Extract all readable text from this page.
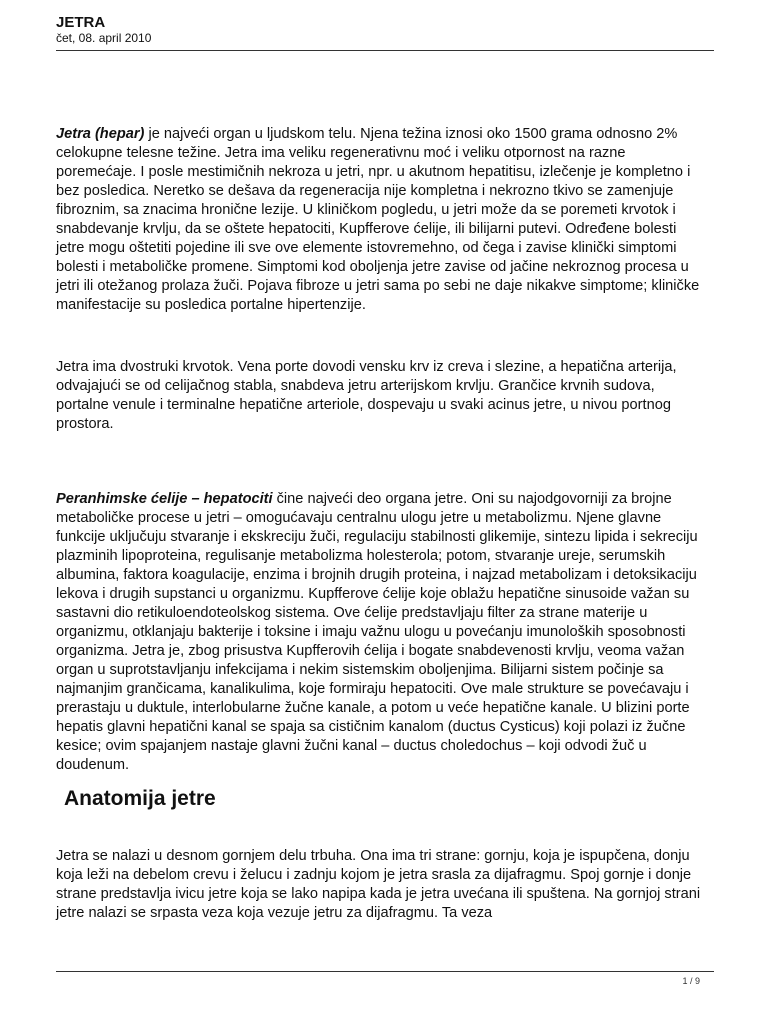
JETRA

čet, 08. april 2010

Jetra (hepar) je najveći organ u ljudskom telu. Njena težina iznosi oko 1500 grama odnosno 2% celokupne telesne težine. Jetra ima veliku regenerativnu moć i veliku otpornost na razne poremećaje. I posle mestimičnih nekroza u jetri, npr. u akutnom hepatitisu, izlečenje je kompletno i bez posledica. Neretko se dešava da regeneracija nije kompletna i nekrozno tkivo se zamenjuje fibroznim, sa znacima hronične lezije. U kliničkom pogledu, u jetri može da se poremeti krvotok i snabdevanje krvlju, da se oštete hepatociti, Kupfferove ćelije, ili bilijarni putevi. Određene bolesti jetre mogu oštetiti pojedine ili sve ove elemente istovremehno, od čega i zavise klinički simptomi bolesti i metaboličke promene. Simptomi kod obolјenja jetre zavise od jačine nekroznog procesa u jetri ili otežanog prolaza žuči. Pojava fibroze u jetri sama po sebi ne daje nikakve simptome; kliničke manifestacije su posledica portalne hipertenzije.

Jetra ima dvostruki krvotok. Vena porte dovodi vensku krv iz creva i slezine, a hepatična arterija, odvajajući se od celijačnog stabla, snabdeva jetru arterijskom krvlju. Grančice krvnih sudova, portalne venule i terminalne hepatične arteriole, dospevaju u svaki acinus jetre, u nivou portnog prostora.

Peranhimske ćelije – hepatociti čine najveći deo organa jetre. Oni su najodgovorniji za brojne metaboličke procese u jetri – omogućavaju centralnu ulogu jetre u metabolizmu. Njene glavne funkcije uključuju stvaranje i ekskreciju žuči, regulaciju stabilnosti glikemije, sintezu lipida i sekreciju plazminih lipoproteina, regulisanje metabolizma holesterola; potom, stvaranje ureje, serumskih albumina, faktora koagulacije, enzima i brojnih drugih proteina, i najzad metabolizam i detoksikaciju lekova i drugih supstanci u organizmu. Kupfferove ćelije koje oblažu hepatične sinusoide važan su sastavni dio retikuloendoteolskog sistema. Ove ćelije predstavljaju filter za strane materije u organizmu, otklanjaju bakterije i toksine i imaju važnu ulogu u povećanju imunoloških sposobnosti organizma. Jetra je, zbog prisustva Kupfferovih ćelija i bogate snabdevenosti krvlju, veoma važan organ u suprotstavljanju infekcijama i nekim sistemskim oboljenjima. Bilijarni sistem počinje sa najmanjim grančicama, kanalikulima, koje formiraju hepatociti. Ove male strukture se povećavaju i prerastaju u duktule, interlobularne žučne kanale, a potom u veće hepatične kanale. U blizini porte hepatis glavni hepatični kanal se spaja sa cističnim kanalom (ductus Cysticus) koji polazi iz žučne kesice; ovim spajanjem nastaje glavni žučni kanal – ductus choledochus – koji odvodi žuč u doudenum.

Anatomija jetre

Jetra se nalazi u desnom gornjem delu trbuha. Ona ima tri strane: gornju, koja je ispupčena, donju koja leži na debelom crevu i želucu i zadnju kojom je jetra srasla za dijafragmu. Spoj gornje i donje strane predstavlja ivicu jetre koja se lako napipa kada je jetra uvećana ili spuštena. Na gornjoj strani jetre nalazi se srpasta veza koja vezuje jetru za dijafragmu. Ta veza

1 / 9
